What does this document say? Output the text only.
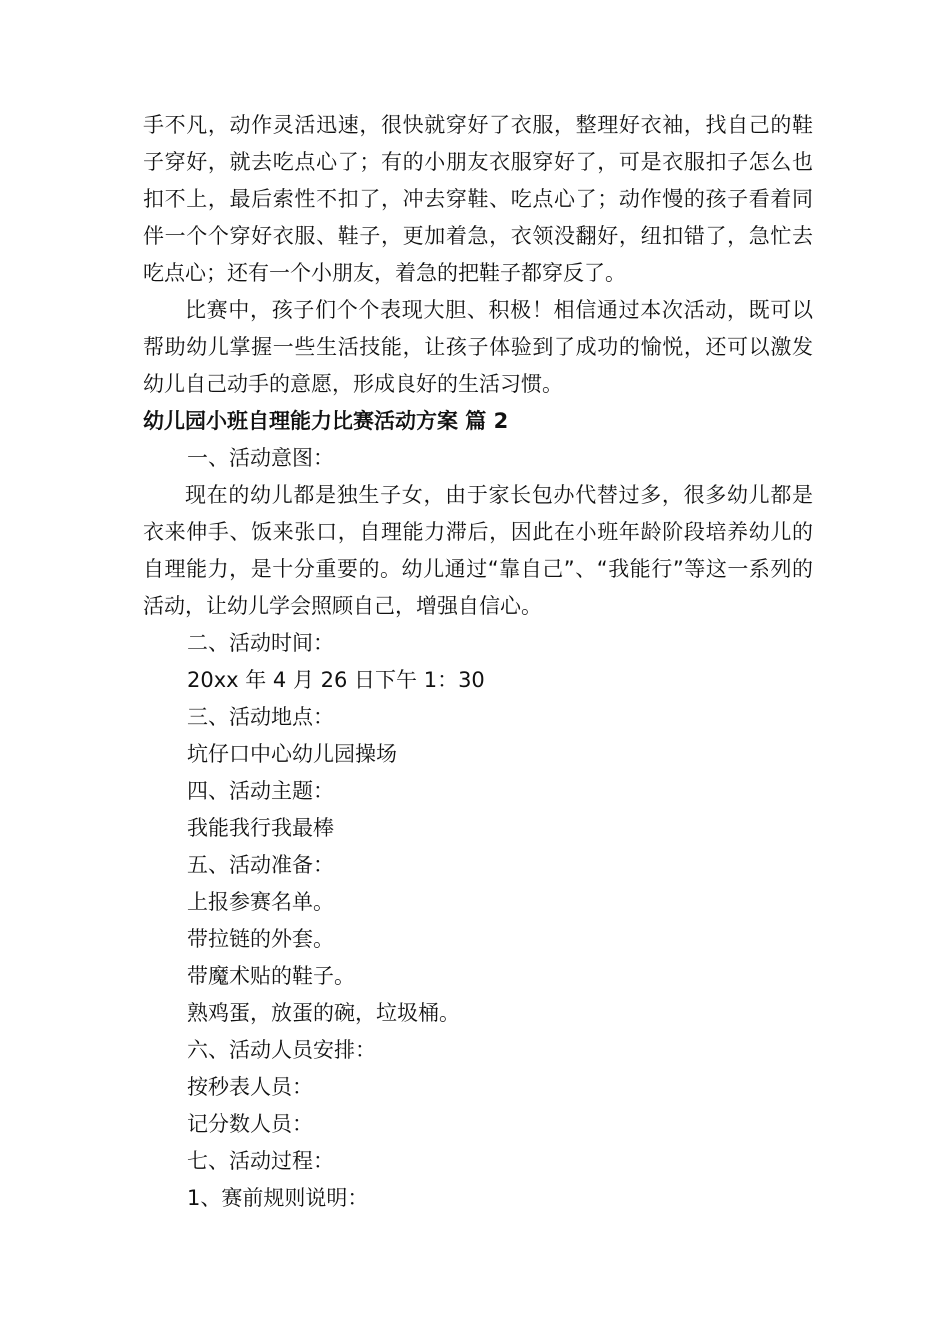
手不凡，动作灵活迅速，很快就穿好了衣服，整理好衣袖，找自己的鞋子穿好，就去吃点心了；有的小朋友衣服穿好了，可是衣服扣子怎么也扣不上，最后索性不扣了，冲去穿鞋、吃点心了；动作慢的孩子看着同伴一个个穿好衣服、鞋子，更加着急，衣领没翻好，纽扣错了，急忙去吃点心；还有一个小朋友，着急的把鞋子都穿反了。

比赛中，孩子们个个表现大胆、积极！相信通过本次活动，既可以帮助幼儿掌握一些生活技能，让孩子体验到了成功的愉悦，还可以激发幼儿自己动手的意愿，形成良好的生活习惯。

幼儿园小班自理能力比赛活动方案 篇 2

一、活动意图：

现在的幼儿都是独生子女，由于家长包办代替过多，很多幼儿都是衣来伸手、饭来张口，自理能力滞后，因此在小班年龄阶段培养幼儿的自理能力，是十分重要的。幼儿通过“靠自己”、“我能行”等这一系列的活动，让幼儿学会照顾自己，增强自信心。

二、活动时间：

20xx 年 4 月 26 日下午 1：30

三、活动地点：

坑仔口中心幼儿园操场

四、活动主题：

我能我行我最棒

五、活动准备：

上报参赛名单。

带拉链的外套。

带魔术贴的鞋子。

熟鸡蛋，放蛋的碗，垃圾桶。

六、活动人员安排：

按秒表人员：

记分数人员：

七、活动过程：

1、赛前规则说明：
